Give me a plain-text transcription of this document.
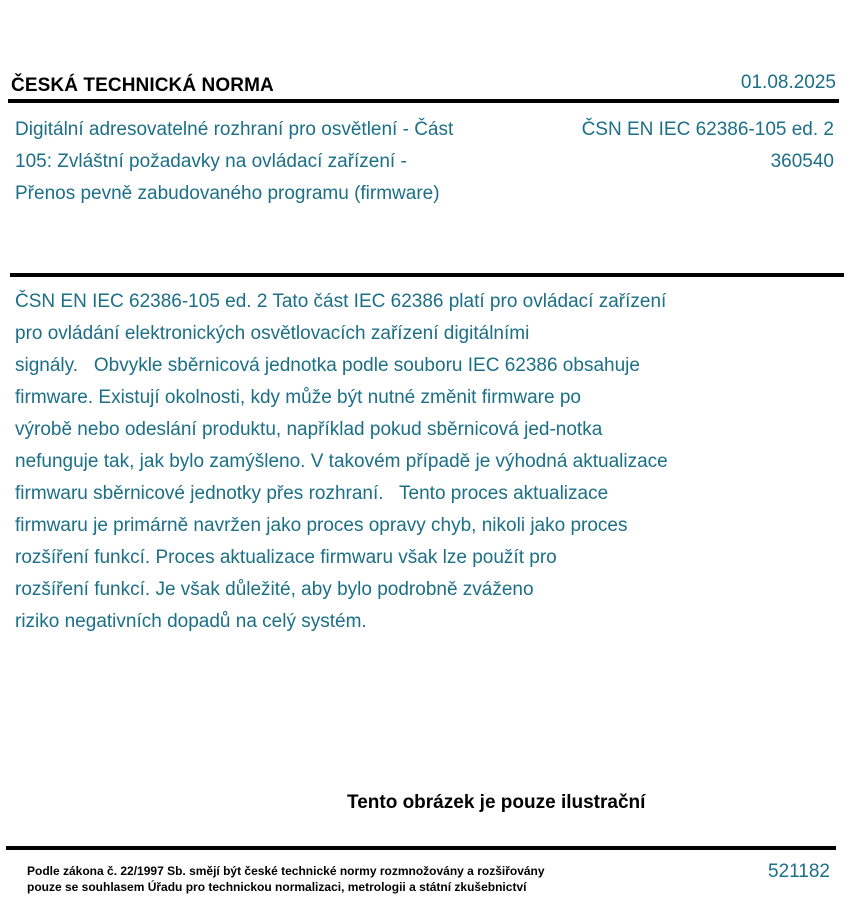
ČESKÁ TECHNICKÁ NORMA	01.08.2025
Digitální adresovatelné rozhraní pro osvětlení - Část
105: Zvláštní požadavky na ovládací zařízení -
Přenos pevně zabudovaného programu (firmware)
ČSN EN IEC 62386-105 ed. 2
360540
ČSN EN IEC 62386-105 ed. 2 Tato část IEC 62386 platí pro ovládací zařízení
pro ovládání elektronických osvětlovacích zařízení digitálními
signály.   Obvykle sběrnicová jednotka podle souboru IEC 62386 obsahuje
firmware. Existují okolnosti, kdy může být nutné změnit firmware po
výrobě nebo odeslání produktu, například pokud sběrnicová jed-notka
nefunguje tak, jak bylo zamýšleno. V takovém případě je výhodná aktualizace
firmwaru sběrnicové jednotky přes rozhraní.   Tento proces aktualizace
firmwaru je primárně navržen jako proces opravy chyb, nikoli jako proces
rozšíření funkcí. Proces aktualizace firmwaru však lze použít pro
rozšíření funkcí. Je však důležité, aby bylo podrobně zváženo
riziko negativních dopadů na celý systém.
Tento obrázek je pouze ilustrační
Podle zákona č. 22/1997 Sb. smějí být české technické normy rozmnožovány a rozšiřovány
pouze se souhlasem Úřadu pro technickou normalizaci, metrologii a státní zkušebnictví
521182
